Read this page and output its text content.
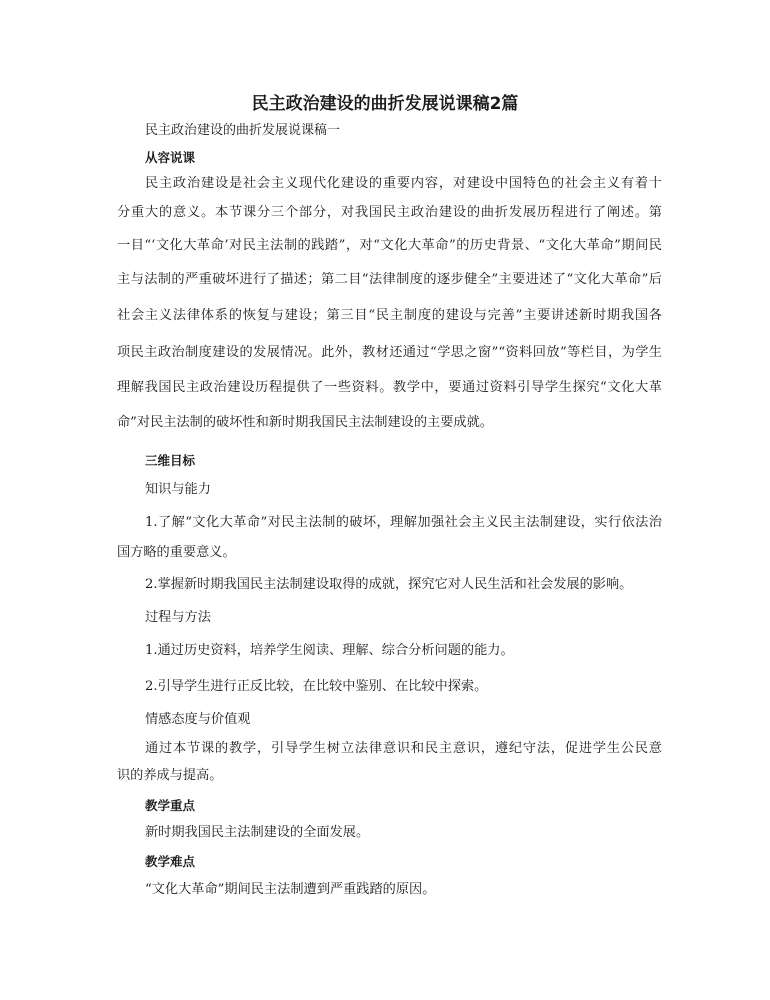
民主政治建设的曲折发展说课稿2篇

民主政治建设的曲折发展说课稿一

从容说课

民主政治建设是社会主义现代化建设的重要内容，对建设中国特色的社会主义有着十

分重大的意义。本节课分三个部分，对我国民主政治建设的曲折发展历程进行了阐述。第

一目“‘文化大革命’对民主法制的践踏”，对“文化大革命”的历史背景、“文化大革命”期间民

主与法制的严重破坏进行了描述；第二目“法律制度的逐步健全”主要进述了“文化大革命”后

社会主义法律体系的恢复与建设；第三目“民主制度的建设与完善”主要讲述新时期我国各

项民主政治制度建设的发展情况。此外，教材还通过“学思之窗”“资料回放”等栏目，为学生

理解我国民主政治建设历程提供了一些资料。教学中，要通过资料引导学生探究“文化大革

命”对民主法制的破坏性和新时期我国民主法制建设的主要成就。

三维目标

知识与能力

1.了解“文化大革命”对民主法制的破坏，理解加强社会主义民主法制建设，实行依法治

国方略的重要意义。

2.掌握新时期我国民主法制建设取得的成就，探究它对人民生活和社会发展的影响。

过程与方法

1.通过历史资料，培养学生阅读、理解、综合分析问题的能力。

2.引导学生进行正反比较，在比较中鉴别、在比较中探索。

情感态度与价值观

通过本节课的教学，引导学生树立法律意识和民主意识，遵纪守法，促进学生公民意

识的养成与提高。

教学重点

新时期我国民主法制建设的全面发展。

教学难点

“文化大革命”期间民主法制遭到严重践踏的原因。
